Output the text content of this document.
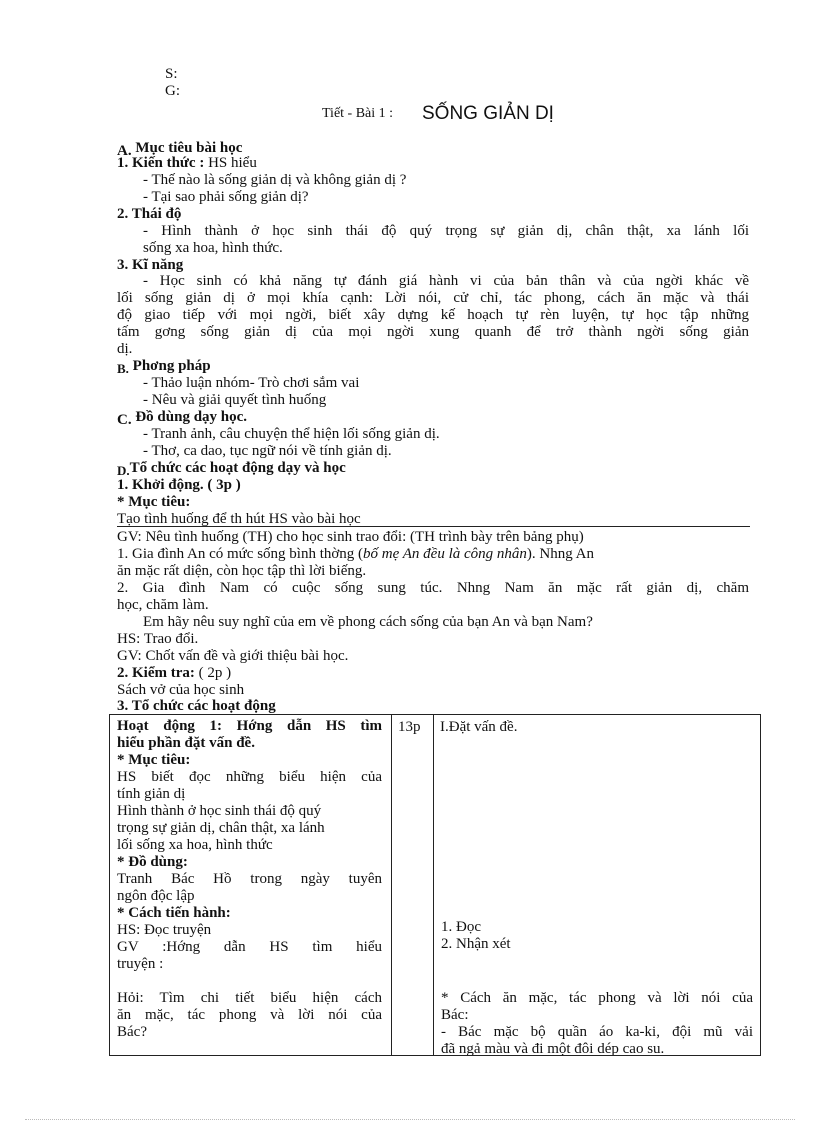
S:
G:
Tiết - Bài 1 : SỐNG GIẢN DỊ
A. Mục tiêu bài học
1. Kiến thức : HS hiểu
- Thế nào là sống giản dị và không giản dị ?
- Tại sao phải sống giản dị?
2. Thái độ
- Hình thành ở học sinh thái độ quý trọng sự giản dị, chân thật, xa lánh lối
sống xa hoa, hình thức.
3. Kĩ năng
- Học sinh có khả năng tự đánh giá hành vi của bản thân và của ngời khác về
lối sống giản dị ở mọi khía cạnh: Lời nói, cử chỉ, tác phong, cách ăn mặc và thái
độ giao tiếp với mọi ngời, biết xây dựng kế hoạch tự rèn luyện, tự học tập những
tấm gơng sống giản dị của mọi ngời xung quanh để trở thành ngời sống giản
dị.
B. Phơng pháp
- Thảo luận nhóm- Trò chơi sắm vai
- Nêu và giải quyết tình huống
C. Đồ dùng dạy học.
- Tranh ảnh, câu chuyện thể hiện lối sống giản dị.
- Thơ, ca dao, tục ngữ nói về tính giản dị.
D.Tổ chức các hoạt động dạy và học
1. Khởi động. ( 3p )
* Mục tiêu:
Tạo tình huống để th hút HS vào bài học
GV: Nêu tình huống (TH) cho học sinh trao đổi: (TH trình bày trên bảng phụ)
1. Gia đình An có mức sống bình thờng (bố mẹ An đều là công nhân). Nhng An
ăn mặc rất diện, còn học tập thì lời biếng.
2. Gia đình Nam có cuộc sống sung túc. Nhng Nam ăn mặc rất giản dị, chăm
học, chăm làm.
Em hãy nêu suy nghĩ của em về phong cách sống của bạn An và bạn Nam?
HS: Trao đổi.
GV: Chốt vấn đề và giới thiệu bài học.
2. Kiểm tra: ( 2p )
Sách vở của học sinh
3. Tổ chức các hoạt động
Hoạt động 1: Hớng dẫn HS tìm
hiểu phần đặt vấn đề.
* Mục tiêu:
HS biết đọc những biểu hiện của
tính giản dị
Hình thành ở học sinh thái độ quý
trọng sự giản dị, chân thật, xa lánh
lối sống xa hoa, hình thức
* Đồ dùng:
Tranh Bác Hồ trong ngày tuyên
ngôn độc lập
* Cách tiến hành:
HS: Đọc truyện
GV :Hớng dẫn HS tìm hiểu
truyện :
Hỏi: Tìm chi tiết biểu hiện cách
ăn mặc, tác phong và lời nói của
Bác?
13p I.Đặt vấn đề.
1. Đọc
2. Nhận xét
* Cách ăn mặc, tác phong và lời nói của
Bác:
- Bác mặc bộ quần áo ka-ki, đội mũ vải
đã ngả màu và đi một đôi dép cao su.
